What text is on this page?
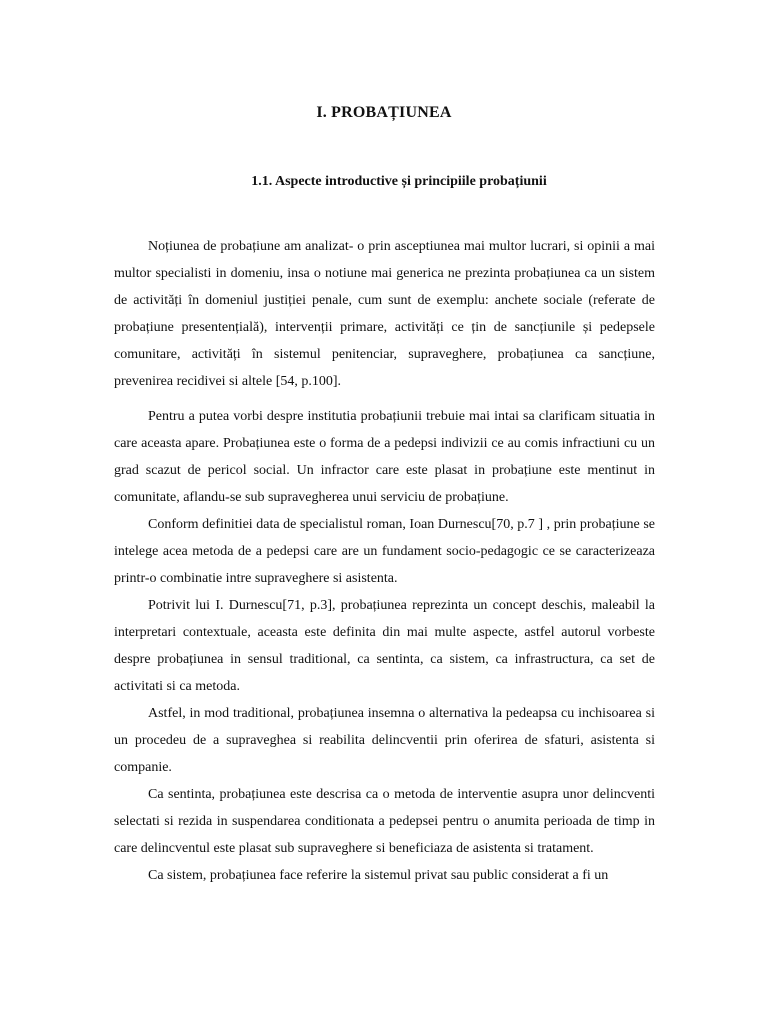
I. PROBAȚIUNEA
1.1. Aspecte introductive și principiile probațiunii

Noțiunea de probațiune am analizat- o prin asceptiunea mai multor lucrari, si opinii a mai multor specialisti in domeniu, insa o notiune mai generica ne prezinta probațiunea ca un sistem de activități în domeniul justiției penale, cum sunt de exemplu: anchete sociale (referate de probațiune presentențială), intervenții primare, activități ce țin de sancțiunile și pedepsele comunitare, activități în sistemul penitenciar, supraveghere, probațiunea ca sancțiune, prevenirea recidivei si altele [54, p.100].

Pentru a putea vorbi despre institutia probațiunii trebuie mai intai sa clarificam situatia in care aceasta apare. Probațiunea este o forma de a pedepsi indivizii ce au comis infractiuni cu un grad scazut de pericol social. Un infractor care este plasat in probațiune este mentinut in comunitate, aflandu-se sub supravegherea unui serviciu de probațiune.

Conform definitiei data de specialistul roman, Ioan Durnescu[70, p.7 ] , prin probațiune se intelege acea metoda de a pedepsi care are un fundament socio-pedagogic ce se caracterizeaza printr-o combinatie intre supraveghere si asistenta.

Potrivit lui I. Durnescu[71, p.3], probațiunea reprezinta un concept deschis, maleabil la interpretari contextuale, aceasta este definita din mai multe aspecte, astfel autorul vorbeste despre probațiunea in sensul traditional, ca sentinta, ca sistem, ca infrastructura, ca set de activitati si ca metoda.

Astfel, in mod traditional, probațiunea insemna o alternativa la pedeapsa cu inchisoarea si un procedeu de a supraveghea si reabilita delincventii prin oferirea de sfaturi, asistenta si companie.

Ca sentinta, probațiunea este descrisa ca o metoda de interventie asupra unor delincventi selectati si rezida in suspendarea conditionata a pedepsei pentru o anumita perioada de timp in care delincventul este plasat sub supraveghere si beneficiaza de asistenta si tratament.

Ca sistem, probațiunea face referire la sistemul privat sau public considerat a fi un
